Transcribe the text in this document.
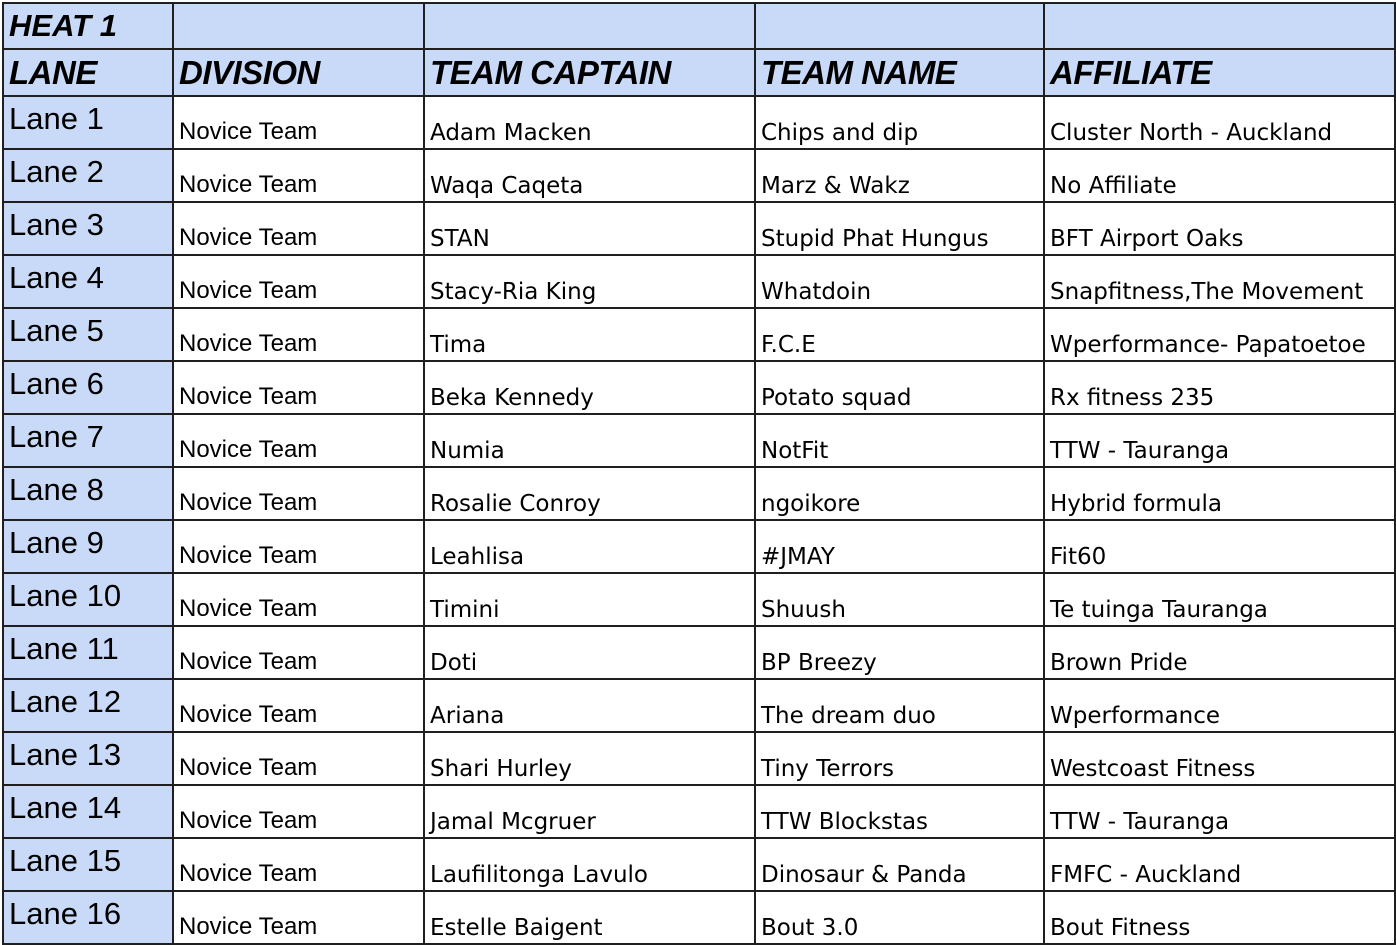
HEAT 1				
LANE	DIVISION	TEAM CAPTAIN	TEAM NAME	AFFILIATE
Lane 1	Novice Team	Adam Macken	Chips and dip	Cluster North - Auckland
Lane 2	Novice Team	Waqa Caqeta	Marz & Wakz	No Affiliate
Lane 3	Novice Team	STAN	Stupid Phat Hungus	BFT Airport Oaks
Lane 4	Novice Team	Stacy-Ria King	Whatdoin	Snapfitness,The Movement
Lane 5	Novice Team	Tima	F.C.E	Wperformance- Papatoetoe
Lane 6	Novice Team	Beka Kennedy	Potato squad	Rx fitness 235
Lane 7	Novice Team	Numia	NotFit	TTW - Tauranga
Lane 8	Novice Team	Rosalie Conroy	ngoikore	Hybrid formula
Lane 9	Novice Team	Leahlisa	#JMAY	Fit60
Lane 10	Novice Team	Timini	Shuush	Te tuinga Tauranga
Lane 11	Novice Team	Doti	BP Breezy	Brown Pride
Lane 12	Novice Team	Ariana	The dream duo	Wperformance
Lane 13	Novice Team	Shari Hurley	Tiny Terrors	Westcoast Fitness
Lane 14	Novice Team	Jamal Mcgruer	TTW Blockstas	TTW - Tauranga
Lane 15	Novice Team	Laufilitonga Lavulo	Dinosaur & Panda	FMFC - Auckland
Lane 16	Novice Team	Estelle Baigent	Bout 3.0	Bout Fitness
